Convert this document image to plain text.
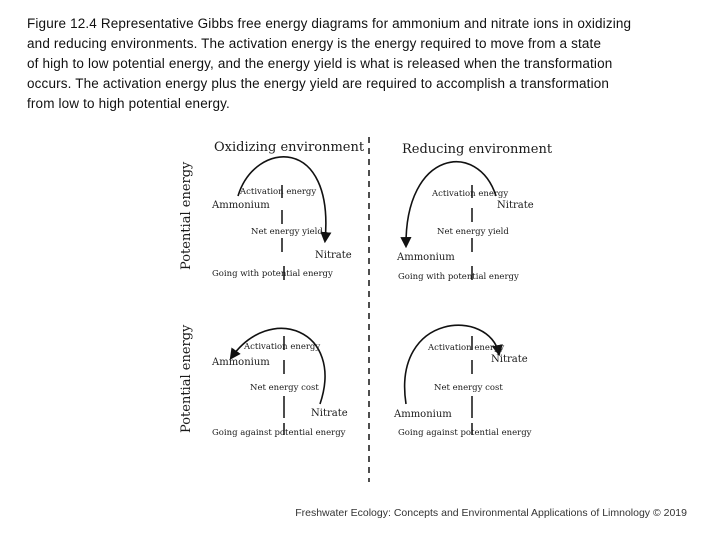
Figure 12.4 Representative Gibbs free energy diagrams for ammonium and nitrate ions in oxidizing
and reducing environments. The activation energy is the energy required to move from a state
of high to low potential energy, and the energy yield is what is released when the transformation
occurs. The activation energy plus the energy yield are required to accomplish a transformation
from low to high potential energy.
Oxidizing environment	Reducing environment
Potential energy
Potential energy
Activation energy
Ammonium
Net energy yield
Nitrate
Going with potential energy
Activation energy
Nitrate
Net energy yield
Ammonium
Going with potential energy
Activation energy
Nitrate
Ammonium
Net energy cost
Going against potential energy
Activation energy
Ammonium
Nitrate
Net energy cost
Going against potential energy
Freshwater Ecology: Concepts and Environmental Applications of Limnology © 2019
